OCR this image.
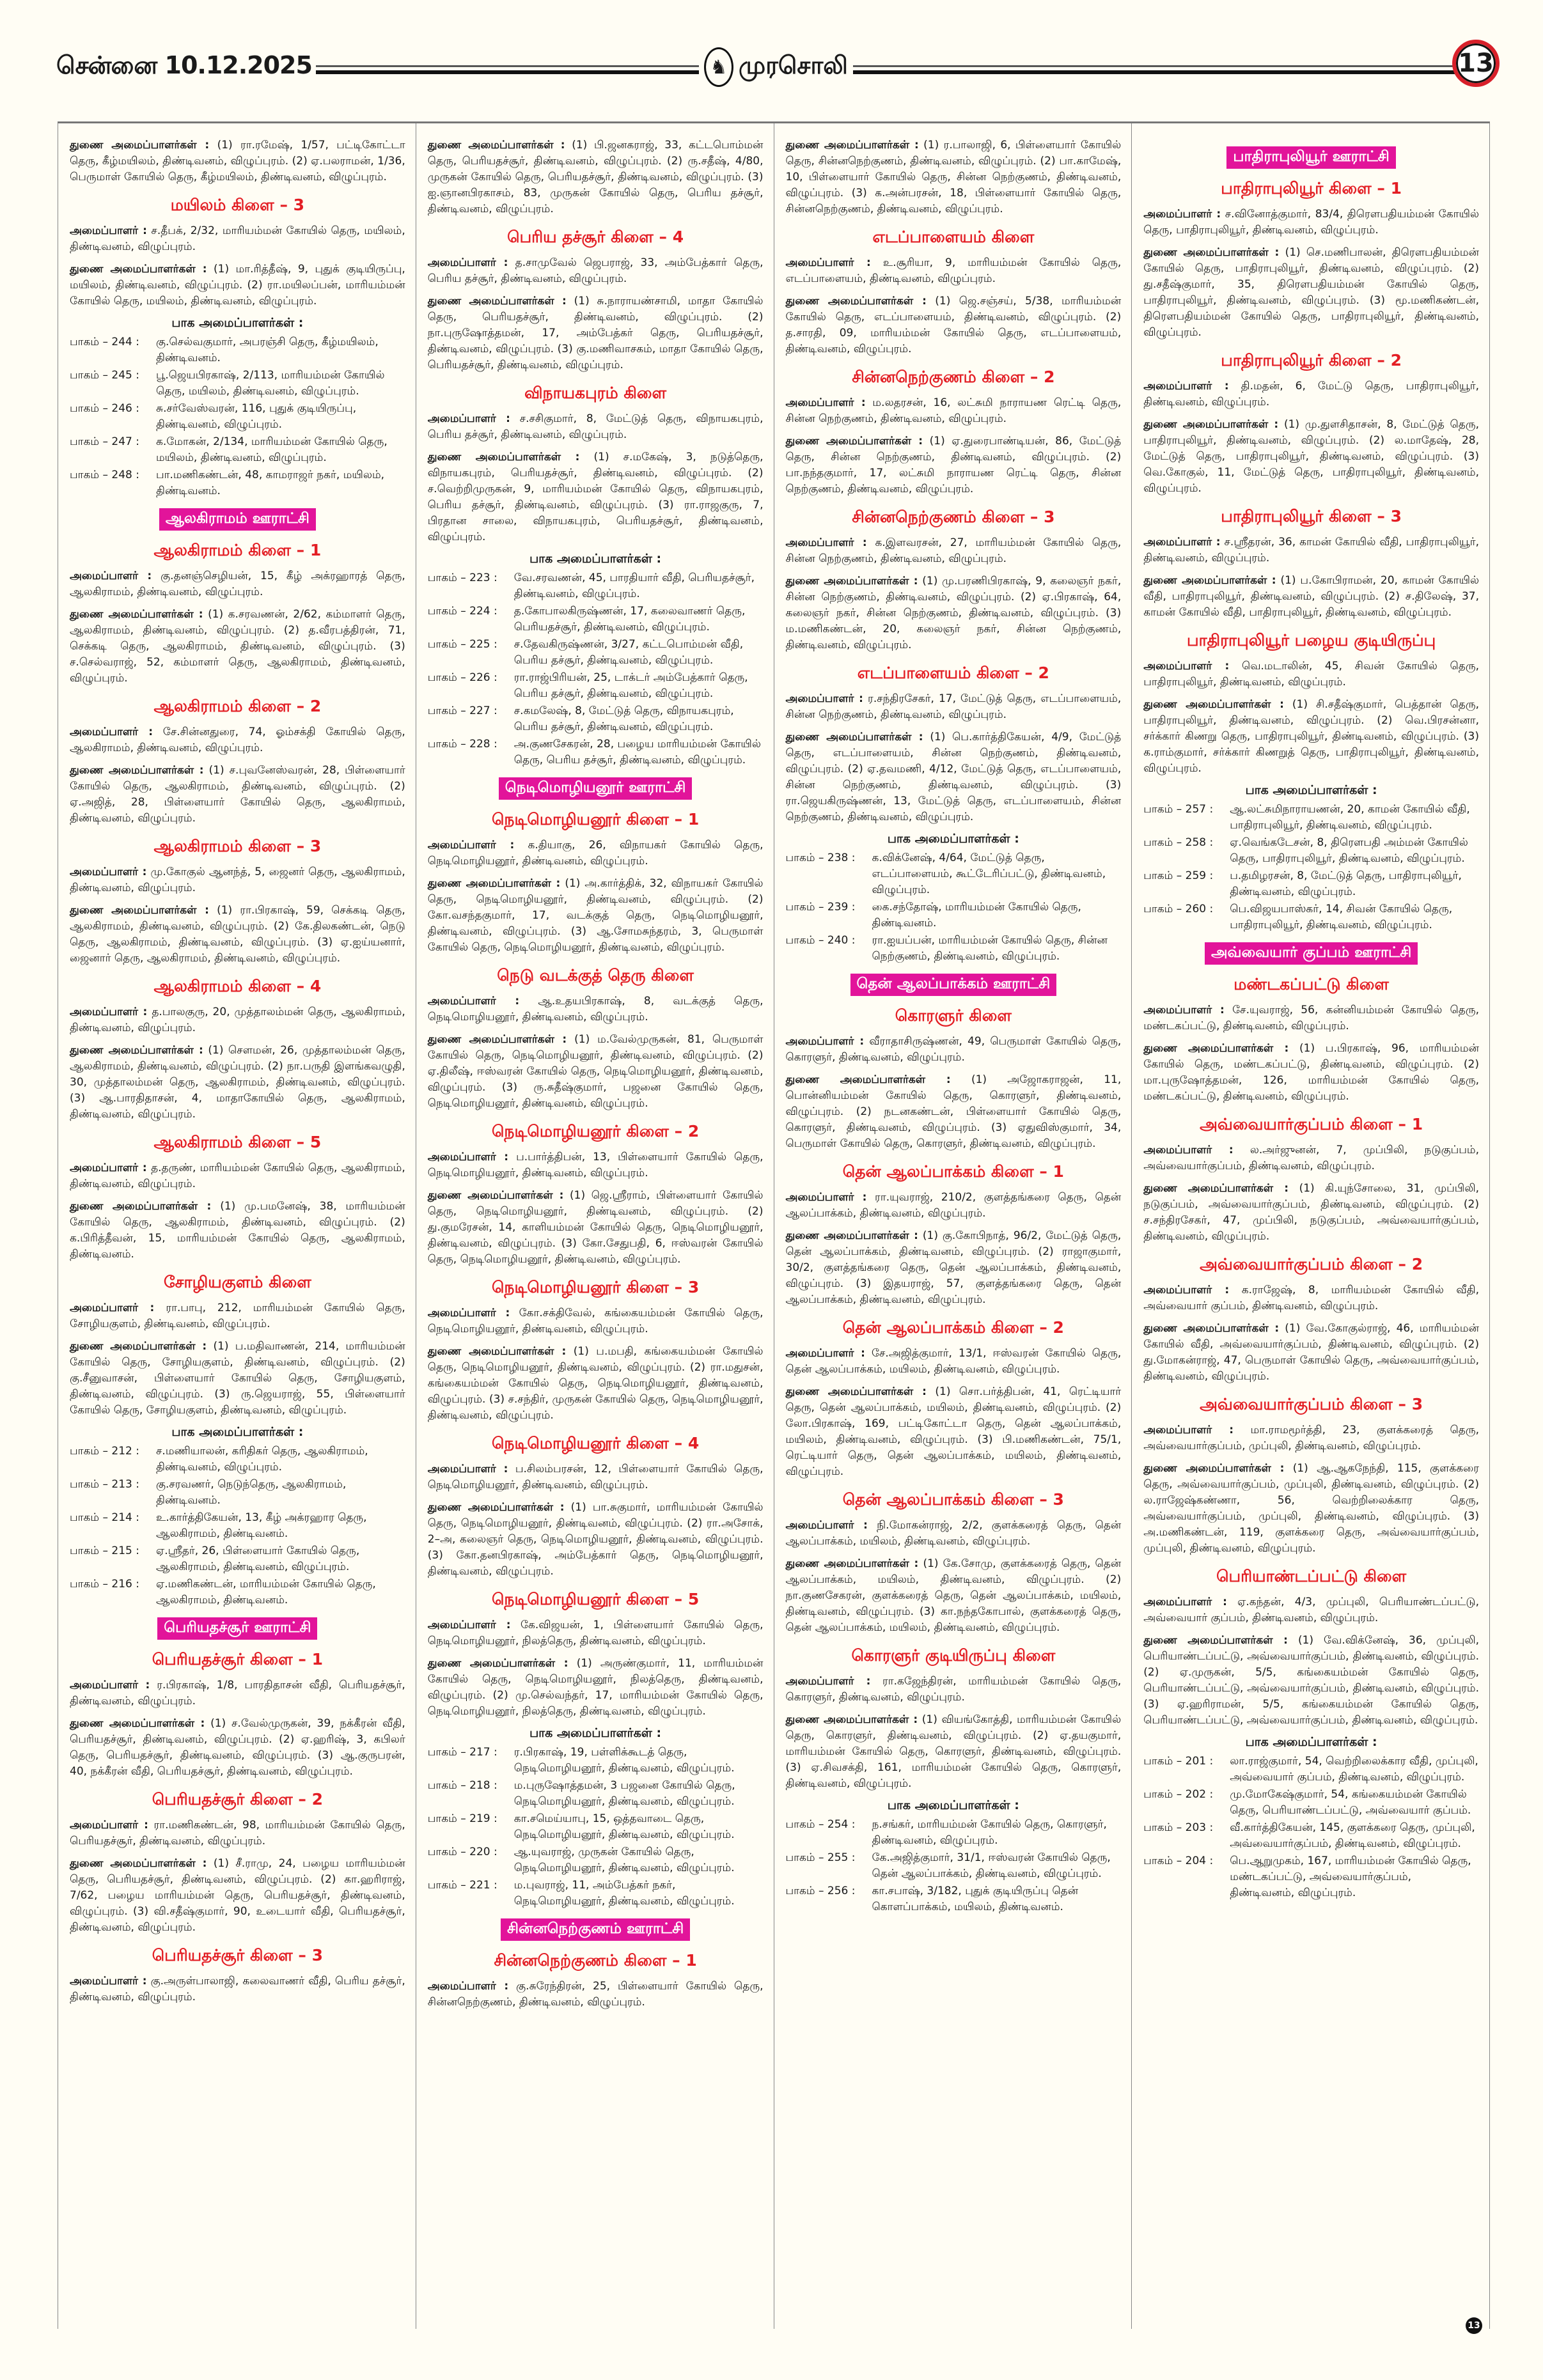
சென்னை 10.12.2025	♞ முரசொலி	13

துணை அமைப்பாளர்கள் : (1) ரா.ரமேஷ், 1/57, பட்டிகோட்டா தெரு, கீழ்மயிலம், திண்டிவனம், விழுப்புரம். (2) ஏ.பலராமன், 1/36, பெருமாள் கோயில் தெரு, கீழ்மயிலம், திண்டிவனம், விழுப்புரம்.

மயிலம் கிளை – 3

அமைப்பாளர் : ச.தீபக், 2/32, மாரியம்மன் கோயில் தெரு, மயிலம், திண்டிவனம், விழுப்புரம்.

துணை அமைப்பாளர்கள் : (1) மா.ரித்தீஷ், 9, புதுக் குடியிருப்பு, மயிலம், திண்டிவனம், விழுப்புரம். (2) ரா.மயிலப்பன், மாரியம்மன் கோயில் தெரு, மயிலம், திண்டிவனம், விழுப்புரம்.

பாக அமைப்பாளர்கள் :
பாகம் – 244 :	கு.செல்வகுமார், அபரஞ்சி தெரு, கீழ்மயிலம், திண்டிவனம்.
பாகம் – 245 :	பூ.ஜெயபிரகாஷ், 2/113, மாரியம்மன் கோயில் தெரு, மயிலம், திண்டிவனம், விழுப்புரம்.
பாகம் – 246 :	சு.சர்வேஸ்வரன், 116, புதுக் குடியிருப்பு, திண்டிவனம், விழுப்புரம்.
பாகம் – 247 :	க.மோகன், 2/134, மாரியம்மன் கோயில் தெரு, மயிலம், திண்டிவனம், விழுப்புரம்.
பாகம் – 248 :	பா.மணிகண்டன், 48, காமராஜர் நகர், மயிலம், திண்டிவனம்.
ஆலகிராமம் ஊராட்சி
ஆலகிராமம் கிளை – 1

அமைப்பாளர் : கு.தனஞ்செழியன், 15, கீழ் அக்ரஹாரத் தெரு, ஆலகிராமம், திண்டிவனம், விழுப்புரம்.

துணை அமைப்பாளர்கள் : (1) க.சரவணன், 2/62, கம்மாளர் தெரு, ஆலகிராமம், திண்டிவனம், விழுப்புரம். (2) த.வீரபத்திரன், 71, செக்கடி தெரு, ஆலகிராமம், திண்டிவனம், விழுப்புரம். (3) ச.செல்வராஜ், 52, கம்மாளர் தெரு, ஆலகிராமம், திண்டிவனம், விழுப்புரம்.

ஆலகிராமம் கிளை – 2

அமைப்பாளர் : சே.சின்னதுரை, 74, ஓம்சக்தி கோயில் தெரு, ஆலகிராமம், திண்டிவனம், விழுப்புரம்.

துணை அமைப்பாளர்கள் : (1) ச.புவனேஸ்வரன், 28, பிள்ளையார் கோயில் தெரு, ஆலகிராமம், திண்டிவனம், விழுப்புரம். (2) ஏ.அஜித், 28, பிள்ளையார் கோயில் தெரு, ஆலகிராமம், திண்டிவனம், விழுப்புரம்.

ஆலகிராமம் கிளை – 3

அமைப்பாளர் : மு.கோகுல் ஆனந்த், 5, ஜைனர் தெரு, ஆலகிராமம், திண்டிவனம், விழுப்புரம்.

துணை அமைப்பாளர்கள் : (1) ரா.பிரகாஷ், 59, செக்கடி தெரு, ஆலகிராமம், திண்டிவனம், விழுப்புரம். (2) கே.திலகண்டன், நெடு தெரு, ஆலகிராமம், திண்டிவனம், விழுப்புரம். (3) ஏ.ஐய்யனார், ஜைனார் தெரு, ஆலகிராமம், திண்டிவனம், விழுப்புரம்.

ஆலகிராமம் கிளை – 4

அமைப்பாளர் : த.பாலகுரு, 20, முத்தாலம்மன் தெரு, ஆலகிராமம், திண்டிவனம், விழுப்புரம்.

துணை அமைப்பாளர்கள் : (1) சௌமன், 26, முத்தாலம்மன் தெரு, ஆலகிராமம், திண்டிவனம், விழுப்புரம். (2) நா.பருதி இளங்கவழுதி, 30, முத்தாலம்மன் தெரு, ஆலகிராமம், திண்டிவனம், விழுப்புரம். (3) ஆ.பாரதிதாசன், 4, மாதாகோயில் தெரு, ஆலகிராமம், திண்டிவனம், விழுப்புரம்.

ஆலகிராமம் கிளை – 5

அமைப்பாளர் : த.தருண், மாரியம்மன் கோயில் தெரு, ஆலகிராமம், திண்டிவனம், விழுப்புரம்.

துணை அமைப்பாளர்கள் : (1) மு.பமனேஷ், 38, மாரியம்மன் கோயில் தெரு, ஆலகிராமம், திண்டிவனம், விழுப்புரம். (2) க.பிரித்தீவன், 15, மாரியம்மன் கோயில் தெரு, ஆலகிராமம், திண்டிவனம்.

சோழியகுளம் கிளை

அமைப்பாளர் : ரா.பாபு, 212, மாரியம்மன் கோயில் தெரு, சோழியகுளம், திண்டிவனம், விழுப்புரம்.

துணை அமைப்பாளர்கள் : (1) ப.மதிவாணன், 214, மாரியம்மன் கோயில் தெரு, சோழியகுளம், திண்டிவனம், விழுப்புரம். (2) கு.சீனுவாசன், பிள்ளையார் கோயில் தெரு, சோழியகுளம், திண்டிவனம், விழுப்புரம். (3) ரு.ஜெயராஜ், 55, பிள்ளையார் கோயில் தெரு, சோழியகுளம், திண்டிவனம், விழுப்புரம்.

பாக அமைப்பாளர்கள் :
பாகம் – 212 :	ச.மணியாலன், கரிதிகர் தெரு, ஆலகிராமம், திண்டிவனம், விழுப்புரம்.
பாகம் – 213 :	கு.சரவணர், நெடுந்தெரு, ஆலகிராமம், திண்டிவனம்.
பாகம் – 214 :	உ.கார்த்திகேயன், 13, கீழ் அக்ரஹார தெரு, ஆலகிராமம், திண்டிவனம்.
பாகம் – 215 :	ஏ.ஸ்ரீதர், 26, பிள்ளையார் கோயில் தெரு, ஆலகிராமம், திண்டிவனம், விழுப்புரம்.
பாகம் – 216 :	ஏ.மணிகண்டன், மாரியம்மன் கோயில் தெரு, ஆலகிராமம், திண்டிவனம்.
பெரியதச்சூர் ஊராட்சி
பெரியதச்சூர் கிளை – 1

அமைப்பாளர் : ர.பிரகாஷ், 1/8, பாரதிதாசன் வீதி, பெரியதச்சூர், திண்டிவனம், விழுப்புரம்.

துணை அமைப்பாளர்கள் : (1) ச.வேல்முருகன், 39, நக்கீரன் வீதி, பெரியதச்சூர், திண்டிவனம், விழுப்புரம். (2) ஏ.ஹரிஷ், 3, கபிலர் தெரு, பெரியதச்சூர், திண்டிவனம், விழுப்புரம். (3) ஆ.குருபரன், 40, நக்கீரன் வீதி, பெரியதச்சூர், திண்டிவனம், விழுப்புரம்.

பெரியதச்சூர் கிளை – 2

அமைப்பாளர் : ரா.மணிகண்டன், 98, மாரியம்மன் கோயில் தெரு, பெரியதச்சூர், திண்டிவனம், விழுப்புரம்.

துணை அமைப்பாளர்கள் : (1) சீ.ராமு, 24, பழைய மாரியம்மன் தெரு, பெரியதச்சூர், திண்டிவனம், விழுப்புரம். (2) கா.ஹரிராஜ், 7/62, பழைய மாரியம்மன் தெரு, பெரியதச்சூர், திண்டிவனம், விழுப்புரம். (3) வி.சதீஷ்குமார், 90, உடையார் வீதி, பெரியதச்சூர், திண்டிவனம், விழுப்புரம்.

பெரியதச்சூர் கிளை – 3

அமைப்பாளர் : கு.அருள்பாலாஜி, கலைவாணர் வீதி, பெரிய தச்சூர், திண்டிவனம், விழுப்புரம்.

துணை அமைப்பாளர்கள் : (1) பி.ஜனகராஜ், 33, கட்டபொம்மன் தெரு, பெரியதச்சூர், திண்டிவனம், விழுப்புரம். (2) ரு.சதீஷ், 4/80, முருகன் கோயில் தெரு, பெரியதச்சூர், திண்டிவனம், விழுப்புரம். (3) ஐ.ஞானபிரகாசம், 83, முருகன் கோயில் தெரு, பெரிய தச்சூர், திண்டிவனம், விழுப்புரம்.

பெரிய தச்சூர் கிளை – 4

அமைப்பாளர் : த.சாமுவேல் ஜெபராஜ், 33, அம்பேத்கார் தெரு, பெரிய தச்சூர், திண்டிவனம், விழுப்புரம்.

துணை அமைப்பாளர்கள் : (1) சு.நாராயண்சாமி, மாதா கோயில் தெரு, பெரியதச்சூர், திண்டிவனம், விழுப்புரம். (2) நா.புருஷோத்தமன், 17, அம்பேத்கர் தெரு, பெரியதச்சூர், திண்டிவனம், விழுப்புரம். (3) கு.மணிவாசகம், மாதா கோயில் தெரு, பெரியதச்சூர், திண்டிவனம், விழுப்புரம்.

விநாயகபுரம் கிளை

அமைப்பாளர் : ச.சசிகுமார், 8, மேட்டுத் தெரு, விநாயகபுரம், பெரிய தச்சூர், திண்டிவனம், விழுப்புரம்.

துணை அமைப்பாளர்கள் : (1) ச.மகேஷ், 3, நடுத்தெரு, விநாயகபுரம், பெரியதச்சூர், திண்டிவனம், விழுப்புரம். (2) ச.வெற்றிமுருகன், 9, மாரியம்மன் கோயில் தெரு, விநாயகபுரம், பெரிய தச்சூர், திண்டிவனம், விழுப்புரம். (3) ரா.ராஜகுரு, 7, பிரதான சாலை, விநாயகபுரம், பெரியதச்சூர், திண்டிவனம், விழுப்புரம்.

பாக அமைப்பாளர்கள் :
பாகம் – 223 :	வே.சரவணன், 45, பாரதியார் வீதி, பெரியதச்சூர், திண்டிவனம், விழுப்புரம்.
பாகம் – 224 :	த.கோபாலகிருஷ்ணன், 17, கலைவாணர் தெரு, பெரியதச்சூர், திண்டிவனம், விழுப்புரம்.
பாகம் – 225 :	ச.தேவகிருஷ்ணன், 3/27, கட்டபொம்மன் வீதி, பெரிய தச்சூர், திண்டிவனம், விழுப்புரம்.
பாகம் – 226 :	ரா.ராஜ்பிரியன், 25, டாக்டர் அம்பேத்கார் தெரு, பெரிய தச்சூர், திண்டிவனம், விழுப்புரம்.
பாகம் – 227 :	ச.கமலேஷ், 8, மேட்டுத் தெரு, விநாயகபுரம், பெரிய தச்சூர், திண்டிவனம், விழுப்புரம்.
பாகம் – 228 :	அ.குணசேகரன், 28, பழைய மாரியம்மன் கோயில் தெரு, பெரிய தச்சூர், திண்டிவனம், விழுப்புரம்.
நெடிமொழியனூர் ஊராட்சி
நெடிமொழியனூர் கிளை – 1

அமைப்பாளர் : க.தியாகு, 26, விநாயகர் கோயில் தெரு, நெடிமொழியனூர், திண்டிவனம், விழுப்புரம்.

துணை அமைப்பாளர்கள் : (1) அ.கார்த்திக், 32, விநாயகர் கோயில் தெரு, நெடிமொழியனூர், திண்டிவனம், விழுப்புரம். (2) கோ.வசந்தகுமார், 17, வடக்குத் தெரு, நெடிமொழியனூர், திண்டிவனம், விழுப்புரம். (3) ஆ.சோமசுந்தரம், 3, பெருமாள் கோயில் தெரு, நெடிமொழியனூர், திண்டிவனம், விழுப்புரம்.

நெடு வடக்குத் தெரு கிளை

அமைப்பாளர் : ஆ.உதயபிரகாஷ், 8, வடக்குத் தெரு, நெடிமொழியனூர், திண்டிவனம், விழுப்புரம்.

துணை அமைப்பாளர்கள் : (1) ம.வேல்முருகன், 81, பெருமாள் கோயில் தெரு, நெடிமொழியனூர், திண்டிவனம், விழுப்புரம். (2) ஏ.திலீஷ், ஈஸ்வரன் கோயில் தெரு, நெடிமொழியனூர், திண்டிவனம், விழுப்புரம். (3) ரு.சுதீஷ்குமார், பஜனை கோயில் தெரு, நெடிமொழியனூர், திண்டிவனம், விழுப்புரம்.

நெடிமொழியனூர் கிளை – 2

அமைப்பாளர் : ப.பார்த்திபன், 13, பிள்ளையார் கோயில் தெரு, நெடிமொழியனூர், திண்டிவனம், விழுப்புரம்.

துணை அமைப்பாளர்கள் : (1) ஜெ.ஸ்ரீராம், பிள்ளையார் கோயில் தெரு, நெடிமொழியனூர், திண்டிவனம், விழுப்புரம். (2) து.குமரேசன், 14, காளியம்மன் கோயில் தெரு, நெடிமொழியனூர், திண்டிவனம், விழுப்புரம். (3) கோ.சேதுபதி, 6, ஈஸ்வரன் கோயில் தெரு, நெடிமொழியனூர், திண்டிவனம், விழுப்புரம்.

நெடிமொழியனூர் கிளை – 3

அமைப்பாளர் : கோ.சக்திவேல், கங்கையம்மன் கோயில் தெரு, நெடிமொழியனூர், திண்டிவனம், விழுப்புரம்.

துணை அமைப்பாளர்கள் : (1) ப.மபதி, கங்கையம்மன் கோயில் தெரு, நெடிமொழியனூர், திண்டிவனம், விழுப்புரம். (2) ரா.மதுசன், கங்கையம்மன் கோயில் தெரு, நெடிமொழியனூர், திண்டிவனம், விழுப்புரம். (3) ச.சந்திர், முருகன் கோயில் தெரு, நெடிமொழியனூர், திண்டிவனம், விழுப்புரம்.

நெடிமொழியனூர் கிளை – 4

அமைப்பாளர் : ப.சிலம்பரசன், 12, பிள்ளையார் கோயில் தெரு, நெடிமொழியனூர், திண்டிவனம், விழுப்புரம்.

துணை அமைப்பாளர்கள் : (1) பா.சுகுமார், மாரியம்மன் கோயில் தெரு, நெடிமொழியனூர், திண்டிவனம், விழுப்புரம். (2) ரா.அசோக், 2–அ, கலைஞர் தெரு, நெடிமொழியனூர், திண்டிவனம், விழுப்புரம். (3) கோ.தனபிரகாஷ், அம்பேத்கார் தெரு, நெடிமொழியனூர், திண்டிவனம், விழுப்புரம்.

நெடிமொழியனூர் கிளை – 5

அமைப்பாளர் : கே.விஜயன், 1, பிள்ளையார் கோயில் தெரு, நெடிமொழியனூர், நிலத்தெரு, திண்டிவனம், விழுப்புரம்.

துணை அமைப்பாளர்கள் : (1) அருண்குமார், 11, மாரியம்மன் கோயில் தெரு, நெடிமொழியனூர், நிலத்தெரு, திண்டிவனம், விழுப்புரம். (2) மு.செல்வந்தர், 17, மாரியம்மன் கோயில் தெரு, நெடிமொழியனூர், நிலத்தெரு, திண்டிவனம், விழுப்புரம்.

பாக அமைப்பாளர்கள் :
பாகம் – 217 :	ர.பிரகாஷ், 19, பள்ளிக்கூடத் தெரு, நெடிமொழியனூர், திண்டிவனம், விழுப்புரம்.
பாகம் – 218 :	ம.புருஷோத்தமன், 3 பஜனை கோயில் தெரு, நெடிமொழியனூர், திண்டிவனம், விழுப்புரம்.
பாகம் – 219 :	கா.சமெய்யாபு, 15, ஒத்தவாடை தெரு, நெடிமொழியனூர், திண்டிவனம், விழுப்புரம்.
பாகம் – 220 :	ஆ.யுவராஜ், முருகன் கோயில் தெரு, நெடிமொழியனூர், திண்டிவனம், விழுப்புரம்.
பாகம் – 221 :	ம.புவராஜ், 11, அம்பேத்கர் நகர், நெடிமொழியனூர், திண்டிவனம், விழுப்புரம்.
சின்னநெற்குணம் ஊராட்சி
சின்னநெற்குணம் கிளை – 1

அமைப்பாளர் : கு.சுரேந்திரன், 25, பிள்ளையார் கோயில் தெரு, சின்னநெற்குணம், திண்டிவனம், விழுப்புரம்.

துணை அமைப்பாளர்கள் : (1) ர.பாலாஜி, 6, பிள்ளையார் கோயில் தெரு, சின்னநெற்குணம், திண்டிவனம், விழுப்புரம். (2) பா.காமேஷ், 10, பிள்ளையார் கோயில் தெரு, சின்ன நெற்குணம், திண்டிவனம், விழுப்புரம். (3) க.அன்பரசன், 18, பிள்ளையார் கோயில் தெரு, சின்னநெற்குணம், திண்டிவனம், விழுப்புரம்.

எடப்பாளையம் கிளை

அமைப்பாளர் : உ.சூரியா, 9, மாரியம்மன் கோயில் தெரு, எடப்பாளையம், திண்டிவனம், விழுப்புரம்.

துணை அமைப்பாளர்கள் : (1) ஜெ.சஞ்சய், 5/38, மாரியம்மன் கோயில் தெரு, எடப்பாளையம், திண்டிவனம், விழுப்புரம். (2) த.சாரதி, 09, மாரியம்மன் கோயில் தெரு, எடப்பாளையம், திண்டிவனம், விழுப்புரம்.

சின்னநெற்குணம் கிளை – 2

அமைப்பாளர் : ம.லதரசன், 16, லட்சுமி நாராயண ரெட்டி தெரு, சின்ன நெற்குணம், திண்டிவனம், விழுப்புரம்.

துணை அமைப்பாளர்கள் : (1) ஏ.துரைபாண்டியன், 86, மேட்டுத் தெரு, சின்ன நெற்குணம், திண்டிவனம், விழுப்புரம். (2) பா.நந்தகுமார், 17, லட்சுமி நாராயண ரெட்டி தெரு, சின்ன நெற்குணம், திண்டிவனம், விழுப்புரம்.

சின்னநெற்குணம் கிளை – 3

அமைப்பாளர் : க.இளவரசன், 27, மாரியம்மன் கோயில் தெரு, சின்ன நெற்குணம், திண்டிவனம், விழுப்புரம்.

துணை அமைப்பாளர்கள் : (1) மு.பரணிபிரகாஷ், 9, கலைஞர் நகர், சின்ன நெற்குணம், திண்டிவனம், விழுப்புரம். (2) ஏ.பிரகாஷ், 64, கலைஞர் நகர், சின்ன நெற்குணம், திண்டிவனம், விழுப்புரம். (3) ம.மணிகண்டன், 20, கலைஞர் நகர், சின்ன நெற்குணம், திண்டிவனம், விழுப்புரம்.

எடப்பாளையம் கிளை – 2

அமைப்பாளர் : ர.சந்திரசேகர், 17, மேட்டுத் தெரு, எடப்பாளையம், சின்ன நெற்குணம், திண்டிவனம், விழுப்புரம்.

துணை அமைப்பாளர்கள் : (1) பெ.கார்த்திகேயன், 4/9, மேட்டுத் தெரு, எடப்பாளையம், சின்ன நெற்குணம், திண்டிவனம், விழுப்புரம். (2) ஏ.தவமணி, 4/12, மேட்டுத் தெரு, எடப்பாளையம், சின்ன நெற்குணம், திண்டிவனம், விழுப்புரம். (3) ரா.ஜெயகிருஷ்ணன், 13, மேட்டுத் தெரு, எடப்பாளையம், சின்ன நெற்குணம், திண்டிவனம், விழுப்புரம்.

பாக அமைப்பாளர்கள் :
பாகம் – 238 :	க.விக்னேஷ், 4/64, மேட்டுத் தெரு, எடப்பாளையம், கூட்டேரிப்பட்டு, திண்டிவனம், விழுப்புரம்.
பாகம் – 239 :	கை.சந்தோஷ், மாரியம்மன் கோயில் தெரு, திண்டிவனம்.
பாகம் – 240 :	ரா.ஐயப்பன், மாரியம்மன் கோயில் தெரு, சின்ன நெற்குணம், திண்டிவனம், விழுப்புரம்.
தென் ஆலப்பாக்கம் ஊராட்சி
கொரளுர் கிளை

அமைப்பாளர் : வீராதாசிருஷ்ணன், 49, பெருமாள் கோயில் தெரு, கொரளுர், திண்டிவனம், விழுப்புரம்.

துணை அமைப்பாளர்கள் : (1) அஜோகராஜன், 11, பொன்னியம்மன் கோயில் தெரு, கொரளுர், திண்டிவனம், விழுப்புரம். (2) நடனகண்டன், பிள்ளையார் கோயில் தெரு, கொரளுர், திண்டிவனம், விழுப்புரம். (3) ஏதுவிஸ்குமார், 34, பெருமாள் கோயில் தெரு, கொரளுர், திண்டிவனம், விழுப்புரம்.

தென் ஆலப்பாக்கம் கிளை – 1

அமைப்பாளர் : ரா.யுவராஜ், 210/2, குளத்தங்கரை தெரு, தென் ஆலப்பாக்கம், திண்டிவனம், விழுப்புரம்.

துணை அமைப்பாளர்கள் : (1) கு.கோபிநாத், 96/2, மேட்டுத் தெரு, தென் ஆலப்பாக்கம், திண்டிவனம், விழுப்புரம். (2) ராஜாகுமார், 30/2, குளத்தங்கரை தெரு, தென் ஆலப்பாக்கம், திண்டிவனம், விழுப்புரம். (3) இதயராஜ், 57, குளத்தங்கரை தெரு, தென் ஆலப்பாக்கம், திண்டிவனம், விழுப்புரம்.

தென் ஆலப்பாக்கம் கிளை – 2

அமைப்பாளர் : சே.அஜித்குமார், 13/1, ஈஸ்வரன் கோயில் தெரு, தென் ஆலப்பாக்கம், மயிலம், திண்டிவனம், விழுப்புரம்.

துணை அமைப்பாளர்கள் : (1) சொ.பர்த்திபன், 41, ரெட்டியார் தெரு, தென் ஆலப்பாக்கம், மயிலம், திண்டிவனம், விழுப்புரம். (2) லோ.பிரகாஷ், 169, பட்டிகோட்டா தெரு, தென் ஆலப்பாக்கம், மயிலம், திண்டிவனம், விழுப்புரம். (3) பி.மணிகண்டன், 75/1, ரெட்டியார் தெரு, தென் ஆலப்பாக்கம், மயிலம், திண்டிவனம், விழுப்புரம்.

தென் ஆலப்பாக்கம் கிளை – 3

அமைப்பாளர் : நி.மோகன்ராஜ், 2/2, குளக்கரைத் தெரு, தென் ஆலப்பாக்கம், மயிலம், திண்டிவனம், விழுப்புரம்.

துணை அமைப்பாளர்கள் : (1) கே.சோமு, குளக்கரைத் தெரு, தென் ஆலப்பாக்கம், மயிலம், திண்டிவனம், விழுப்புரம். (2) நா.குணசேகரன், குளக்கரைத் தெரு, தென் ஆலப்பாக்கம், மயிலம், திண்டிவனம், விழுப்புரம். (3) கா.நந்தகோபால், குளக்கரைத் தெரு, தென் ஆலப்பாக்கம், மயிலம், திண்டிவனம், விழுப்புரம்.

கொரளுர் குடியிருப்பு கிளை

அமைப்பாளர் : ரா.கஜேந்திரன், மாரியம்மன் கோயில் தெரு, கொரளுர், திண்டிவனம், விழுப்புரம்.

துணை அமைப்பாளர்கள் : (1) வியங்கோத்தி, மாரியம்மன் கோயில் தெரு, கொரளுர், திண்டிவனம், விழுப்புரம். (2) ஏ.தயகுமார், மாரியம்மன் கோயில் தெரு, கொரளுர், திண்டிவனம், விழுப்புரம். (3) ஏ.சிவசக்தி, 161, மாரியம்மன் கோயில் தெரு, கொரளுர், திண்டிவனம், விழுப்புரம்.

பாக அமைப்பாளர்கள் :
பாகம் – 254 :	ந.சங்கர், மாரியம்மன் கோயில் தெரு, கொரளுர், திண்டிவனம், விழுப்புரம்.
பாகம் – 255 :	கே.அஜித்குமார், 31/1, ஈஸ்வரன் கோயில் தெரு, தென் ஆலப்பாக்கம், திண்டிவனம், விழுப்புரம்.
பாகம் – 256 :	கா.சபாஷ், 3/182, புதுக் குடியிருப்பு தென் கொளப்பாக்கம், மயிலம், திண்டிவனம்.
பாதிராபுலியூர் ஊராட்சி
பாதிராபுலியூர் கிளை – 1

அமைப்பாளர் : ச.வினோத்குமார், 83/4, திரௌபதியம்மன் கோயில் தெரு, பாதிராபுலியூர், திண்டிவனம், விழுப்புரம்.

துணை அமைப்பாளர்கள் : (1) செ.மணிபாலன், திரௌபதியம்மன் கோயில் தெரு, பாதிராபுலியூர், திண்டிவனம், விழுப்புரம். (2) து.சதீஷ்குமார், 35, திரௌபதியம்மன் கோயில் தெரு, பாதிராபுலியூர், திண்டிவனம், விழுப்புரம். (3) மூ.மணிகண்டன், திரௌபதியம்மன் கோயில் தெரு, பாதிராபுலியூர், திண்டிவனம், விழுப்புரம்.

பாதிராபுலியூர் கிளை – 2

அமைப்பாளர் : தி.மதன், 6, மேட்டு தெரு, பாதிராபுலியூர், திண்டிவனம், விழுப்புரம்.

துணை அமைப்பாளர்கள் : (1) மு.துளசிதாசன், 8, மேட்டுத் தெரு, பாதிராபுலியூர், திண்டிவனம், விழுப்புரம். (2) ல.மாதேஷ், 28, மேட்டுத் தெரு, பாதிராபுலியூர், திண்டிவனம், விழுப்புரம். (3) வெ.கோகுல், 11, மேட்டுத் தெரு, பாதிராபுலியூர், திண்டிவனம், விழுப்புரம்.

பாதிராபுலியூர் கிளை – 3

அமைப்பாளர் : ச.ஸ்ரீதரன், 36, காமன் கோயில் வீதி, பாதிராபுலியூர், திண்டிவனம், விழுப்புரம்.

துணை அமைப்பாளர்கள் : (1) ப.கோபிராமன், 20, காமன் கோயில் வீதி, பாதிராபுலியூர், திண்டிவனம், விழுப்புரம். (2) ச.திலேஷ், 37, காமன் கோயில் வீதி, பாதிராபுலியூர், திண்டிவனம், விழுப்புரம்.

பாதிராபுலியூர் பழைய குடியிருப்பு

அமைப்பாளர் : வெ.மடாலின், 45, சிவன் கோயில் தெரு, பாதிராபுலியூர், திண்டிவனம், விழுப்புரம்.

துணை அமைப்பாளர்கள் : (1) சி.சதீஷ்குமார், பெத்தான் தெரு, பாதிராபுலியூர், திண்டிவனம், விழுப்புரம். (2) வெ.பிரசன்னா, சர்க்கார் கிணறு தெரு, பாதிராபுலியூர், திண்டிவனம், விழுப்புரம். (3) க.ராம்குமார், சர்க்கார் கிணறுத் தெரு, பாதிராபுலியூர், திண்டிவனம், விழுப்புரம்.

பாக அமைப்பாளர்கள் :
பாகம் – 257 :	ஆ.லட்சுமிநாராயணன், 20, காமன் கோயில் வீதி, பாதிராபுலியூர், திண்டிவனம், விழுப்புரம்.
பாகம் – 258 :	ஏ.வெங்கடேசன், 8, திரௌபதி அம்மன் கோயில் தெரு, பாதிராபுலியூர், திண்டிவனம், விழுப்புரம்.
பாகம் – 259 :	ப.தமிழரசன், 8, மேட்டுத் தெரு, பாதிராபுலியூர், திண்டிவனம், விழுப்புரம்.
பாகம் – 260 :	பெ.விஜயபாஸ்கர், 14, சிவன் கோயில் தெரு, பாதிராபுலியூர், திண்டிவனம், விழுப்புரம்.
அவ்வையார் குப்பம் ஊராட்சி
மண்டகப்பட்டு கிளை

அமைப்பாளர் : சே.யுவராஜ், 56, கன்னியம்மன் கோயில் தெரு, மண்டகப்பட்டு, திண்டிவனம், விழுப்புரம்.

துணை அமைப்பாளர்கள் : (1) ப.பிரகாஷ், 96, மாரியம்மன் கோயில் தெரு, மண்டகப்பட்டு, திண்டிவனம், விழுப்புரம். (2) மா.புருஷோத்தமன், 126, மாரியம்மன் கோயில் தெரு, மண்டகப்பட்டு, திண்டிவனம், விழுப்புரம்.

அவ்வையார்குப்பம் கிளை – 1

அமைப்பாளர் : ல.அர்ஜுனன், 7, முப்பிலி, நடுகுப்பம், அவ்வையார்குப்பம், திண்டிவனம், விழுப்புரம்.

துணை அமைப்பாளர்கள் : (1) கி.யுந்சோலை, 31, முப்பிலி, நடுகுப்பம், அவ்வையார்குப்பம், திண்டிவனம், விழுப்புரம். (2) ச.சந்திரசேகர், 47, முப்பிலி, நடுகுப்பம், அவ்வையார்குப்பம், திண்டிவனம், விழுப்புரம்.

அவ்வையார்குப்பம் கிளை – 2

அமைப்பாளர் : க.ராஜேஷ், 8, மாரியம்மன் கோயில் வீதி, அவ்வையார் குப்பம், திண்டிவனம், விழுப்புரம்.

துணை அமைப்பாளர்கள் : (1) வே.கோகுல்ராஜ், 46, மாரியம்மன் கோயில் வீதி, அவ்வையார்குப்பம், திண்டிவனம், விழுப்புரம். (2) து.மோகன்ராஜ், 47, பெருமாள் கோயில் தெரு, அவ்வையார்குப்பம், திண்டிவனம், விழுப்புரம்.

அவ்வையார்குப்பம் கிளை – 3

அமைப்பாளர் : மா.ராமமூர்த்தி, 23, குளக்கரைத் தெரு, அவ்வையார்குப்பம், முப்புலி, திண்டிவனம், விழுப்புரம்.

துணை அமைப்பாளர்கள் : (1) ஆ.ஆகநேந்தி, 115, குளக்கரை தெரு, அவ்வையார்குப்பம், முப்புலி, திண்டிவனம், விழுப்புரம். (2) ல.ராஜேஷ்கண்ணா, 56, வெற்றிலைக்கார தெரு, அவ்வையார்குப்பம், முப்புலி, திண்டிவனம், விழுப்புரம். (3) அ.மணிகண்டன், 119, குளக்கரை தெரு, அவ்வையார்குப்பம், முப்புலி, திண்டிவனம், விழுப்புரம்.

பெரியாண்டப்பட்டு கிளை

அமைப்பாளர் : ஏ.கந்தன், 4/3, முப்புலி, பெரியாண்டப்பட்டு, அவ்வையார் குப்பம், திண்டிவனம், விழுப்புரம்.

துணை அமைப்பாளர்கள் : (1) வே.விக்னேஷ், 36, முப்புலி, பெரியாண்டப்பட்டு, அவ்வையார்குப்பம், திண்டிவனம், விழுப்புரம். (2) ஏ.முருகன், 5/5, கங்கையம்மன் கோயில் தெரு, பெரியாண்டப்பட்டு, அவ்வையார்குப்பம், திண்டிவனம், விழுப்புரம். (3) ஏ.ஹரிராமன், 5/5, கங்கையம்மன் கோயில் தெரு, பெரியாண்டப்பட்டு, அவ்வையார்குப்பம், திண்டிவனம், விழுப்புரம்.

பாக அமைப்பாளர்கள் :
பாகம் – 201 :	லா.ராஜ்குமார், 54, வெற்றிலைக்கார வீதி, முப்புலி, அவ்வையார் குப்பம், திண்டிவனம், விழுப்புரம்.
பாகம் – 202 :	மு.மோகேஷ்குமார், 54, கங்கையம்மன் கோயில் தெரு, பெரியாண்டப்பட்டு, அவ்வையார் குப்பம்.
பாகம் – 203 :	வீ.கார்த்திகேயன், 145, குளக்கரை தெரு, முப்புலி, அவ்வையார்குப்பம், திண்டிவனம், விழுப்புரம்.
பாகம் – 204 :	பெ.ஆறுமுகம், 167, மாரியம்மன் கோயில் தெரு, மண்டகப்பட்டு, அவ்வையார்குப்பம், திண்டிவனம், விழுப்புரம்.
13
